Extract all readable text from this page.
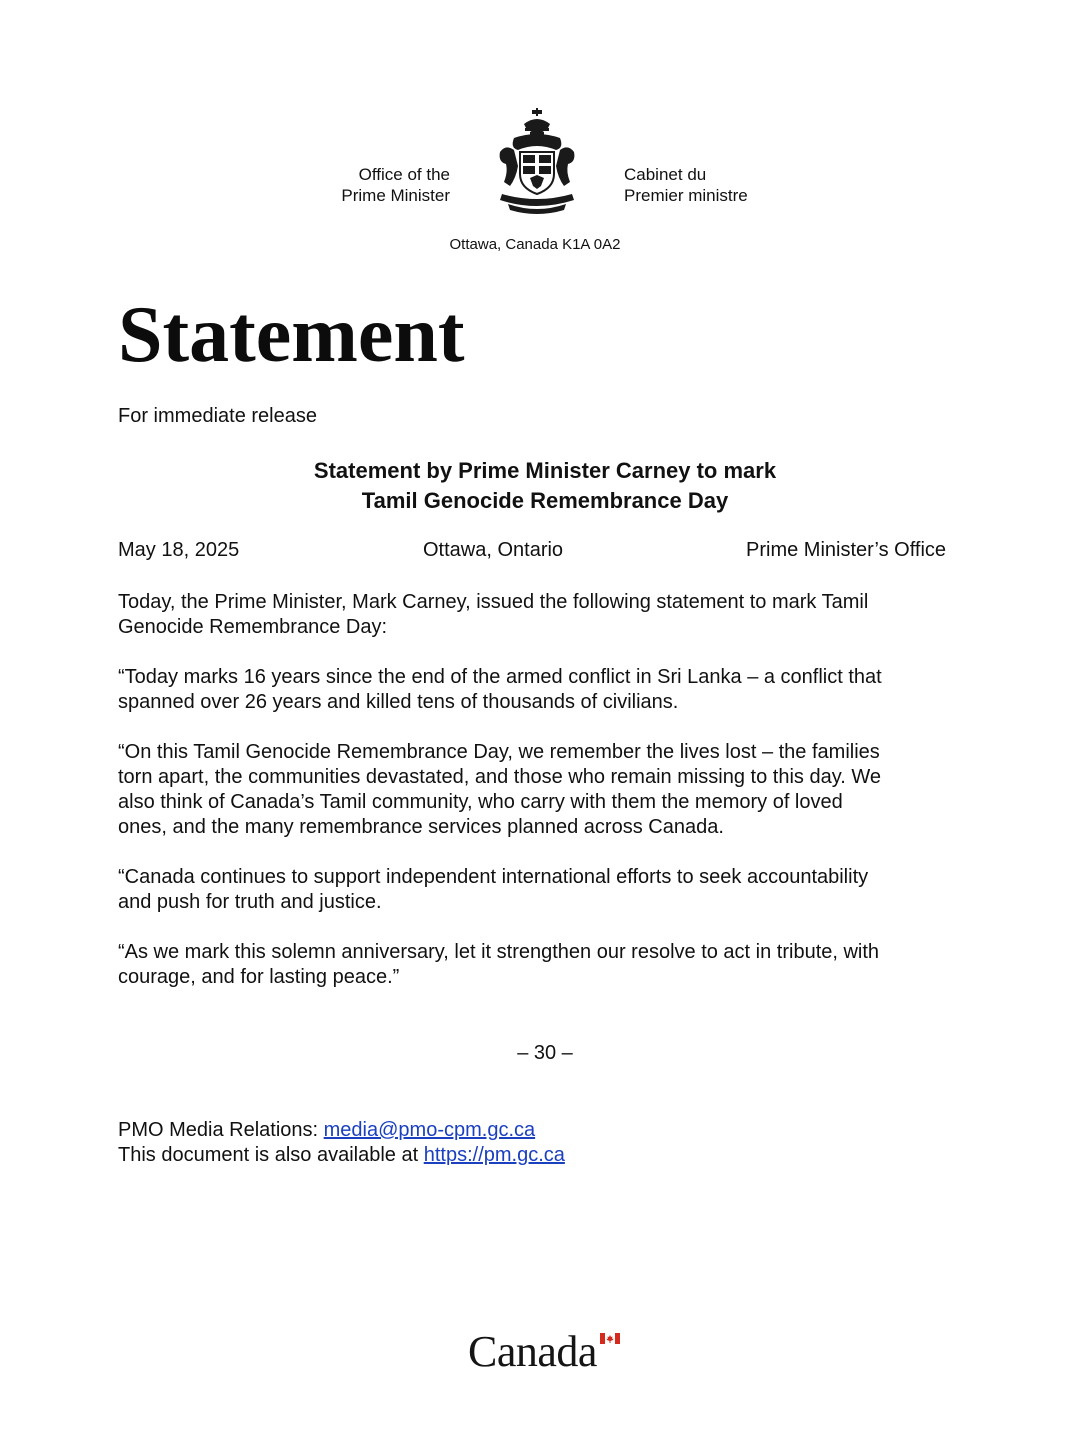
Office of the
Prime Minister
Cabinet du
Premier ministre
Ottawa, Canada K1A 0A2
Statement
For immediate release
Statement by Prime Minister Carney to mark
Tamil Genocide Remembrance Day
May 18, 2025	Ottawa, Ontario	Prime Minister’s Office

Today, the Prime Minister, Mark Carney, issued the following statement to mark Tamil
Genocide Remembrance Day:

“Today marks 16 years since the end of the armed conflict in Sri Lanka – a conflict that
spanned over 26 years and killed tens of thousands of civilians.

“On this Tamil Genocide Remembrance Day, we remember the lives lost – the families
torn apart, the communities devastated, and those who remain missing to this day. We
also think of Canada’s Tamil community, who carry with them the memory of loved
ones, and the many remembrance services planned across Canada.

“Canada continues to support independent international efforts to seek accountability
and push for truth and justice.

“As we mark this solemn anniversary, let it strengthen our resolve to act in tribute, with
courage, and for lasting peace.”

– 30 –
PMO Media Relations: media@pmo-cpm.gc.ca
This document is also available at https://pm.gc.ca
Canada
